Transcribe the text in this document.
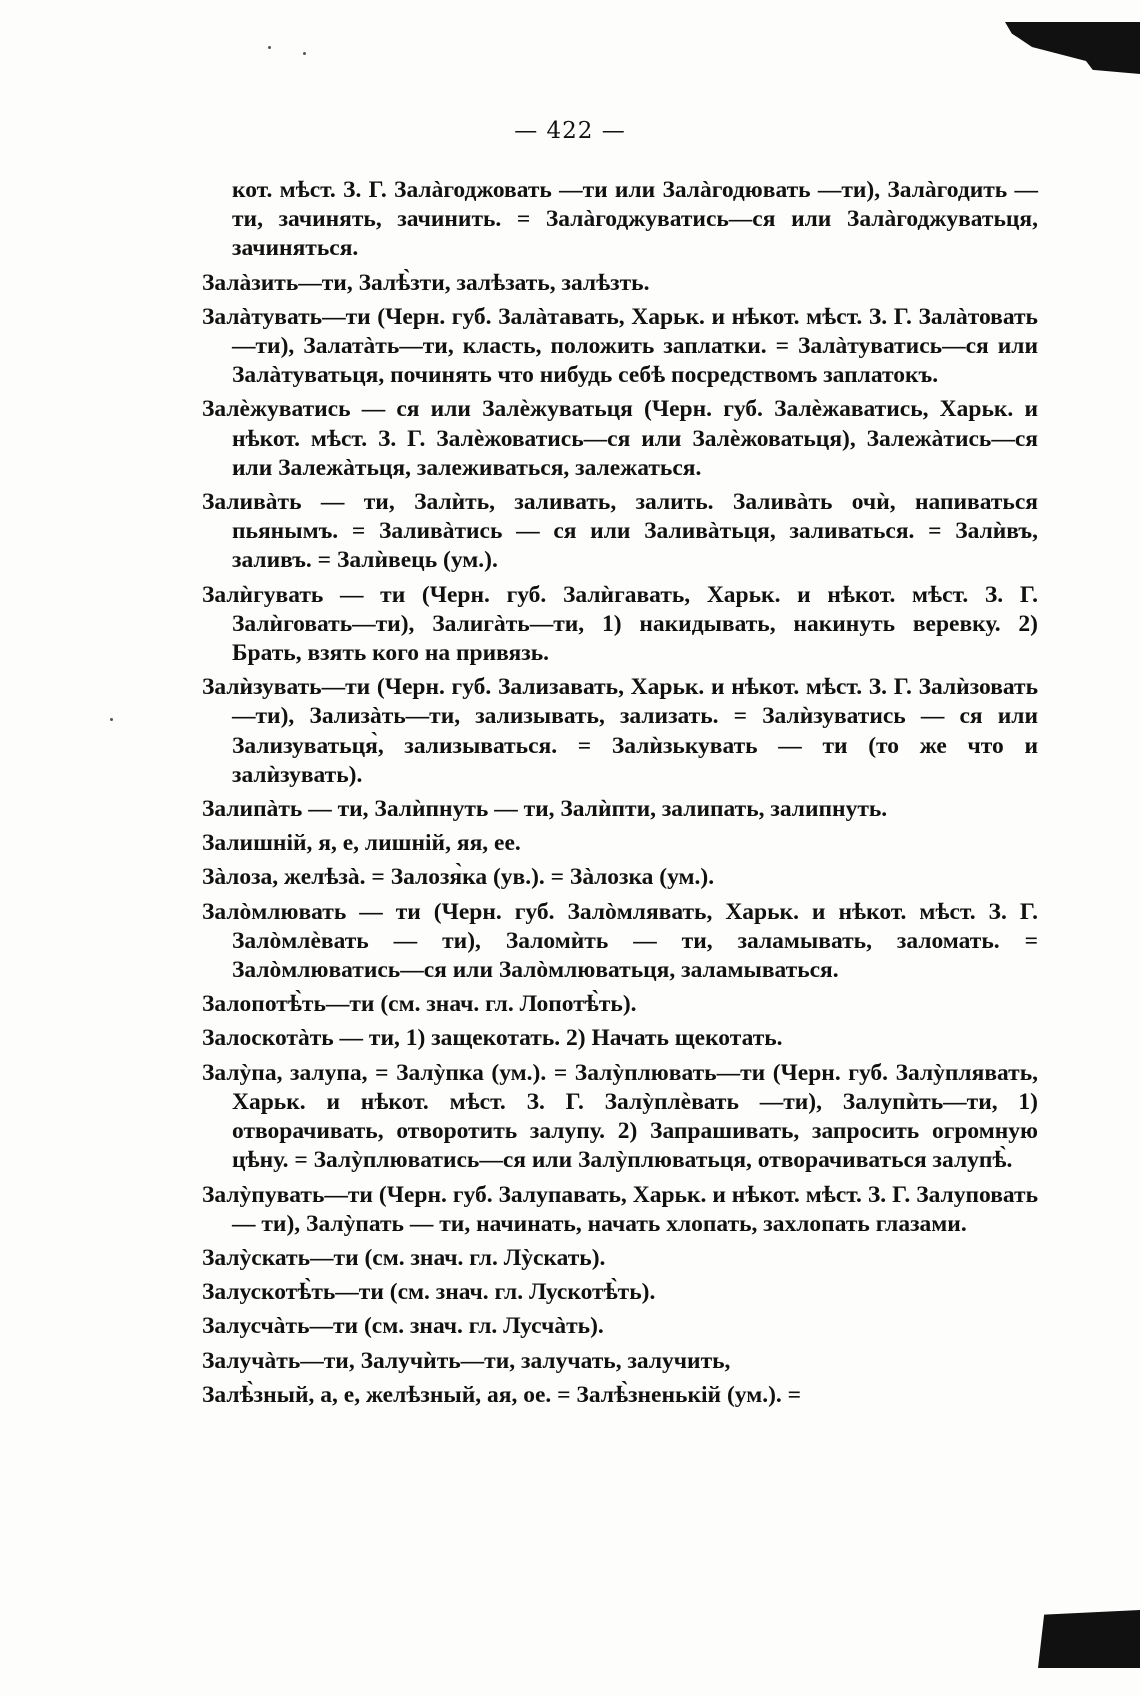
— 422 —

кот. мѣст. З. Г. Залàгоджовать —ти или Залàгодювать —ти), Залàгодить — ти, зачинять, зачинить. = Залàгоджуватись—ся или Залàгоджуватьця, зачиняться.

Залàзить—ти, Залѣ̀зти, залѣзать, залѣзть.

Залàтувать—ти (Черн. губ. Залàтавать, Харьк. и нѣкот. мѣст. З. Г. Залàтовать—ти), Залатàть—ти, класть, положить заплатки. = Залàтуватись—ся или Залàтуватьця, починять что нибудь себѣ посредствомъ заплатокъ.

Залѐжуватись — ся или Залѐжуватьця (Черн. губ. Залѐжаватись, Харьк. и нѣкот. мѣст. З. Г. Залѐжоватись—ся или Залѐжоватьця), Залежàтись—ся или Залежàтьця, залеживаться, залежаться.

Заливàть — ти, Залѝть, заливать, залить. Заливàть очѝ, напиваться пьянымъ. = Заливàтись — ся или Заливàтьця, заливаться. = Залѝвъ, заливъ. = Залѝвець (ум.).

Залѝгувать — ти (Черн. губ. Залѝгавать, Харьк. и нѣкот. мѣст. З. Г. Залѝговать—ти), Залигàть—ти, 1) накидывать, накинуть веревку. 2) Брать, взять кого на привязь.

Залѝзувать—ти (Черн. губ. Зализавать, Харьк. и нѣкот. мѣст. З. Г. Залѝзовать—ти), Зализàть—ти, зализывать, зализать. = Залѝзуватись — ся или Зализуватьця̀, зализываться. = Залѝзькувать — ти (то же что и залѝзувать).

Залипàть — ти, Залѝпнуть — ти, Залѝпти, залипать, залипнуть.

Залишнiй, я, е, лишнiй, яя, ее.

Зàлоза, желѣзà. = Залозя̀ка (ув.). = Зàлозка (ум.).

Залòмлювать — ти (Черн. губ. Залòмлявать, Харьк. и нѣкот. мѣст. З. Г. Залòмлѐвать — ти), Заломѝть — ти, заламывать, заломать. = Залòмлюватись—ся или Залòмлюватьця, заламываться.

Залопотѣ̀ть—ти (см. знач. гл. Лопотѣ̀ть).

Залоскотàть — ти, 1) защекотать. 2) Начать щекотать.

Залỳпа, залупа, = Залỳпка (ум.). = Залỳплювать—ти (Черн. губ. Залỳплявать, Харьк. и нѣкот. мѣст. З. Г. Залỳплѐвать —ти), Залупѝть—ти, 1) отворачивать, отворотить залупу. 2) Запрашивать, запросить огромную цѣну. = Залỳплюватись—ся или Залỳплюватьця, отворачиваться залупѣ̀.

Залỳпувать—ти (Черн. губ. Залупавать, Харьк. и нѣкот. мѣст. З. Г. Залуповать — ти), Залỳпать — ти, начинать, начать хлопать, захлопать глазами.

Залỳскать—ти (см. знач. гл. Лỳскать).

Залускотѣ̀ть—ти (см. знач. гл. Лускотѣ̀ть).

Залусчàть—ти (см. знач. гл. Лусчàть).

Залучàть—ти, Залучѝть—ти, залучать, залучить,

Залѣ̀зный, а, е, желѣзный, ая, ое. = Залѣ̀зненькiй (ум.). =
